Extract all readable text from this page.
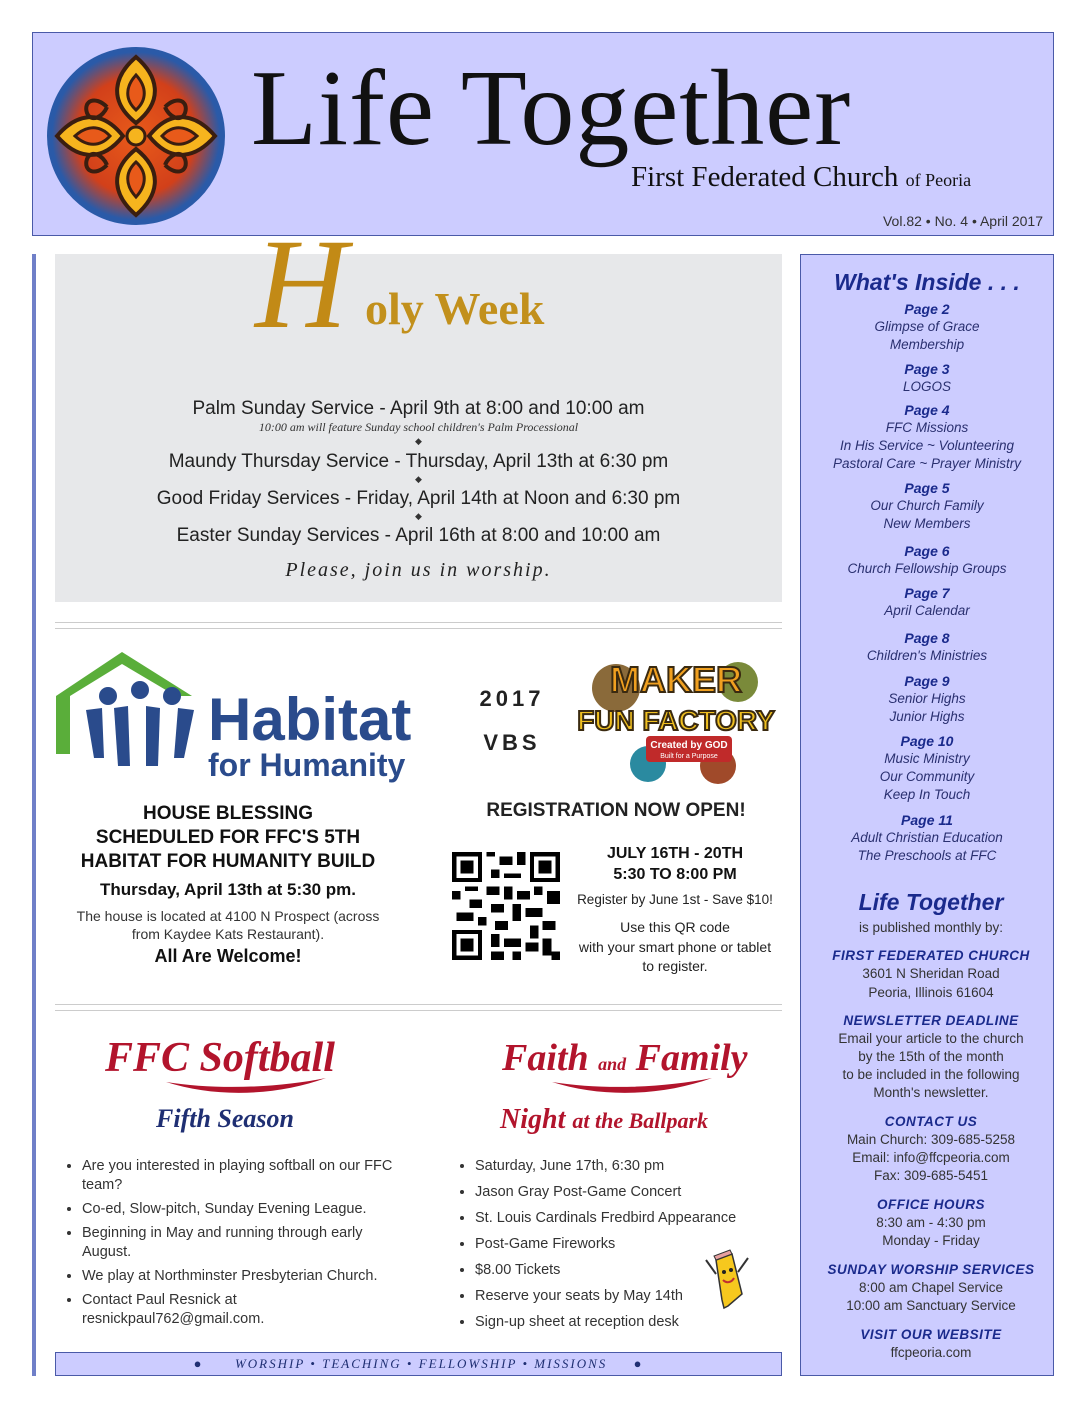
Life Together
First Federated Church of Peoria
Vol.82 • No. 4 • April 2017
H oly Week
Palm Sunday Service - April 9th at 8:00 and 10:00 am
10:00 am will feature Sunday school children's Palm Processional
◆
Maundy Thursday Service - Thursday, April 13th at 6:30 pm
◆
Good Friday Services - Friday, April 14th at Noon and 6:30 pm
◆
Easter Sunday Services - April 16th at 8:00 and 10:00 am
Please, join us in worship.
Habitat
for Humanity
HOUSE BLESSING
SCHEDULED FOR FFC'S 5TH
HABITAT FOR HUMANITY BUILD
Thursday, April 13th at 5:30 pm.
The house is located at 4100 N Prospect (across
from Kaydee Kats Restaurant).
All Are Welcome!
2017
VBS
MAKER
FUN FACTORY
Created by GOD
Built for a Purpose
REGISTRATION NOW OPEN!
JULY 16TH - 20TH
5:30 TO 8:00 PM
Register by June 1st - Save $10!
Use this QR code
with your smart phone or tablet
to register.
FFC Softball
Fifth Season
• Are you interested in playing softball on our FFC team?
• Co-ed, Slow-pitch, Sunday Evening League.
• Beginning in May and running through early August.
• We play at Northminster Presbyterian Church.
• Contact Paul Resnick at resnickpaul762@gmail.com.
Faith and Family
Night at the Ballpark
• Saturday, June 17th, 6:30 pm
• Jason Gray Post-Game Concert
• St. Louis Cardinals Fredbird Appearance
• Post-Game Fireworks
• $8.00 Tickets
• Reserve your seats by May 14th
• Sign-up sheet at reception desk
● WORSHIP • TEACHING • FELLOWSHIP • MISSIONS ●
What's Inside . . .
Page 2
Glimpse of Grace
Membership
Page 3
LOGOS
Page 4
FFC Missions
In His Service ~ Volunteering
Pastoral Care ~ Prayer Ministry
Page 5
Our Church Family
New Members
Page 6
Church Fellowship Groups
Page 7
April Calendar
Page 8
Children's Ministries
Page 9
Senior Highs
Junior Highs
Page 10
Music Ministry
Our Community
Keep In Touch
Page 11
Adult Christian Education
The Preschools at FFC
Life Together
is published monthly by:
FIRST FEDERATED CHURCH
3601 N Sheridan Road
Peoria, Illinois 61604
NEWSLETTER DEADLINE
Email your article to the church
by the 15th of the month
to be included in the following
Month's newsletter.
CONTACT US
Main Church: 309-685-5258
Email: info@ffcpeoria.com
Fax: 309-685-5451
OFFICE HOURS
8:30 am - 4:30 pm
Monday - Friday
SUNDAY WORSHIP SERVICES
8:00 am Chapel Service
10:00 am Sanctuary Service
VISIT OUR WEBSITE
ffcpeoria.com
